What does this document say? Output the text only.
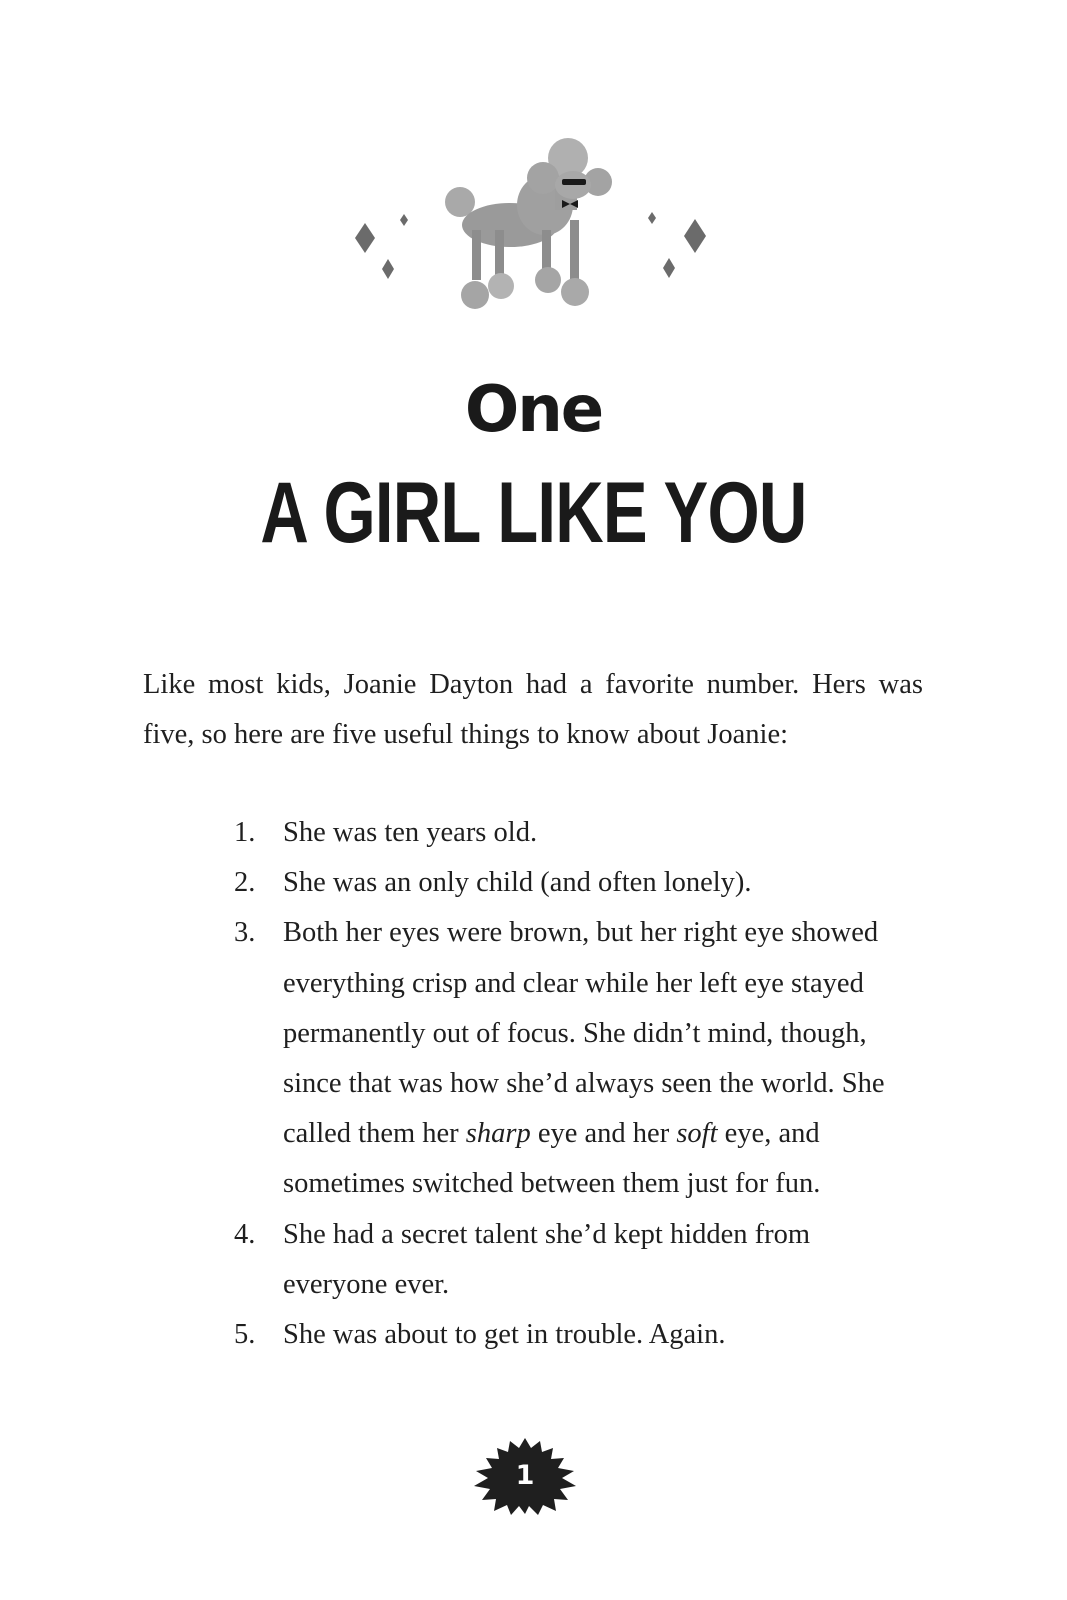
One
A GIRL LIKE YOU

Like most kids, Joanie Dayton had a favorite number. Hers was five, so here are five useful things to know about Joanie:

1. She was ten years old.
2. She was an only child (and often lonely).
3. Both her eyes were brown, but her right eye showed everything crisp and clear while her left eye stayed permanently out of focus. She didn’t mind, though, since that was how she’d always seen the world. She called them her sharp eye and her soft eye, and sometimes switched between them just for fun.
4. She had a secret talent she’d kept hidden from everyone ever.
5. She was about to get in trouble. Again.
1
